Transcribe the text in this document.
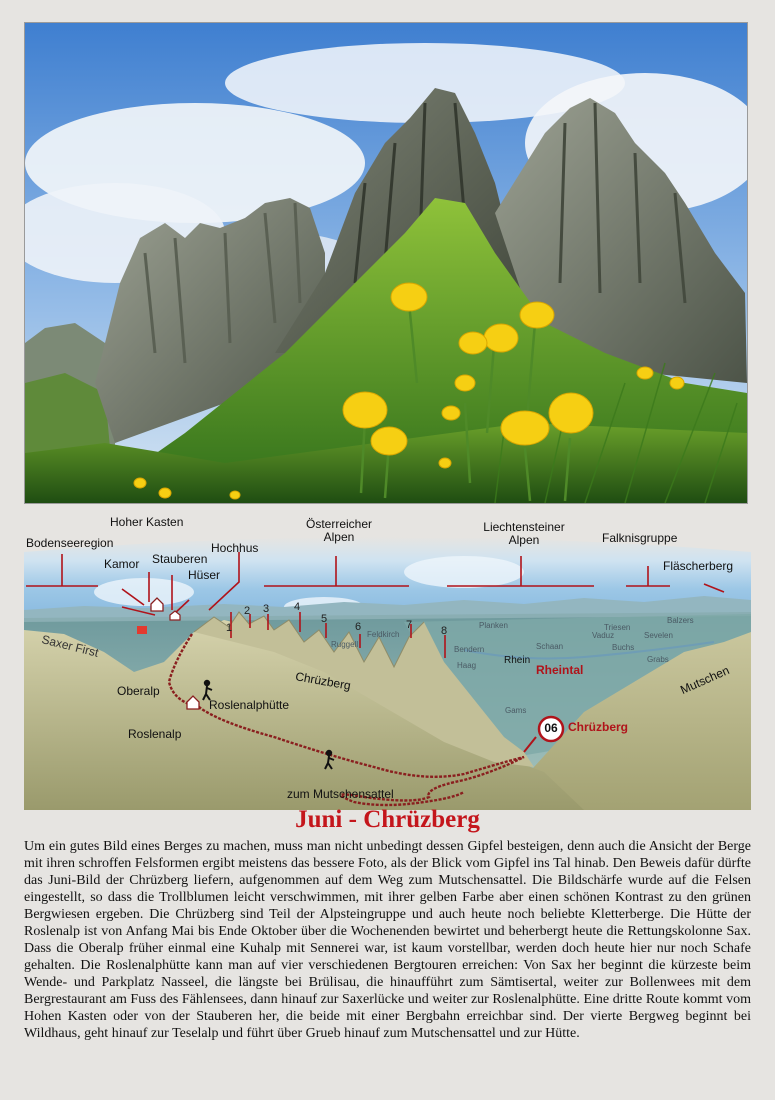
Bodenseeregion
Hoher Kasten	Österreicher
Alpen
Liechtensteiner
Alpen	Falknisgruppe
Kamor Stauberen
Hochhus
Hüser
Fläscherberg
1
2 3 4
5
6	7	8
Saxer First
Oberalp
Roslenalphütte
Roslenalp
Chrüzberg
Rhein
Rheintal	Mutschen
zum Mutschensattel
Ruggell
Feldkirch
Planken
Bendern	Schaan
Vaduz
Triesen
Balzers
Sevelen
Buchs
Haag
Grabs
Gams
06 Chrüzberg
Juni - Chrüzberg
Um ein gutes Bild eines Berges zu machen, muss man nicht unbedingt dessen Gipfel besteigen, denn auch die Ansicht der Berge mit ihren schroffen Felsformen ergibt meistens das bessere Foto, als der Blick vom Gipfel ins Tal hinab. Den Beweis dafür dürfte das Juni-Bild der Chrüzberg liefern, aufgenommen auf dem Weg zum Mutschensattel. Die Bildschärfe wurde auf die Felsen eingestellt, so dass die Trollblumen leicht verschwimmen, mit ihrer gelben Farbe aber einen schönen Kontrast zu den grünen Bergwiesen ergeben. Die Chrüzberg sind Teil der Alpsteingruppe und auch heute noch beliebte Kletterberge. Die Hütte der Roslenalp ist von Anfang Mai bis Ende Oktober über die Wochenenden bewirtet und beherbergt heute die Rettungskolonne Sax. Dass die Oberalp früher einmal eine Kuhalp mit Sennerei war, ist kaum vorstellbar, werden doch heute hier nur noch Schafe gehalten. Die Roslenalphütte kann man auf vier verschiedenen Bergtouren erreichen: Von Sax her beginnt die kürzeste beim Wende- und Parkplatz Nasseel, die längste bei Brülisau, die hinaufführt zum Sämtisertal, weiter zur Bollenwees mit dem Bergrestaurant am Fuss des Fählensees, dann hinauf zur Saxerlücke und weiter zur Roslenalphütte. Eine dritte Route kommt vom Hohen Kasten oder von der Stauberen her, die beide mit einer Bergbahn erreichbar sind. Der vierte Bergweg beginnt bei Wildhaus, geht hinauf zur Teselalp und führt über Grueb hinauf zum Mutschensattel und zur Hütte.
